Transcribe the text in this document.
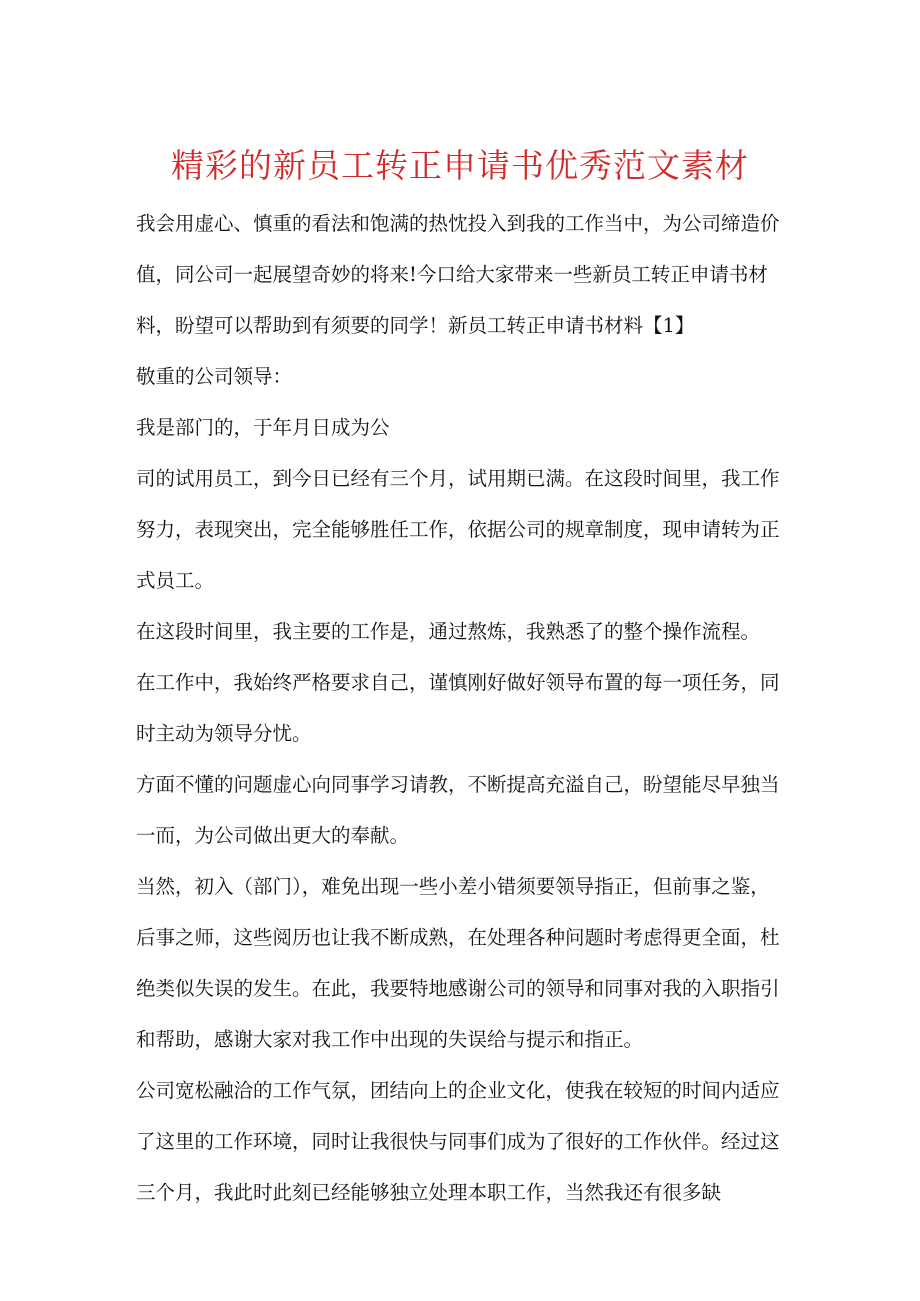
精彩的新员工转正申请书优秀范文素材

我会用虚心、慎重的看法和饱满的热忱投入到我的工作当中，为公司缔造价值，同公司一起展望奇妙的将来!今口给大家带来一些新员工转正申请书材料，盼望可以帮助到有须要的同学！新员工转正申请书材料【1】

敬重的公司领导：

我是部门的，于年月日成为公

司的试用员工，到今日已经有三个月，试用期已满。在这段时间里，我工作努力，表现突出，完全能够胜任工作，依据公司的规章制度，现申请转为正式员工。

在这段时间里，我主要的工作是，通过熬炼，我熟悉了的整个操作流程。

在工作中，我始终严格要求自己，谨慎刚好做好领导布置的每一项任务，同时主动为领导分忧。

方面不懂的问题虚心向同事学习请教，不断提高充溢自己，盼望能尽早独当一而，为公司做出更大的奉献。

当然，初入（部门），难免出现一些小差小错须要领导指正，但前事之鉴，后事之师，这些阅历也让我不断成熟，在处理各种问题时考虑得更全面，杜绝类似失误的发生。在此，我要特地感谢公司的领导和同事对我的入职指引和帮助，感谢大家对我工作中出现的失误给与提示和指正。

公司宽松融洽的工作气氛，团结向上的企业文化，使我在较短的时间内适应了这里的工作环境，同时让我很快与同事们成为了很好的工作伙伴。经过这三个月，我此时此刻已经能够独立处理本职工作，当然我还有很多缺
